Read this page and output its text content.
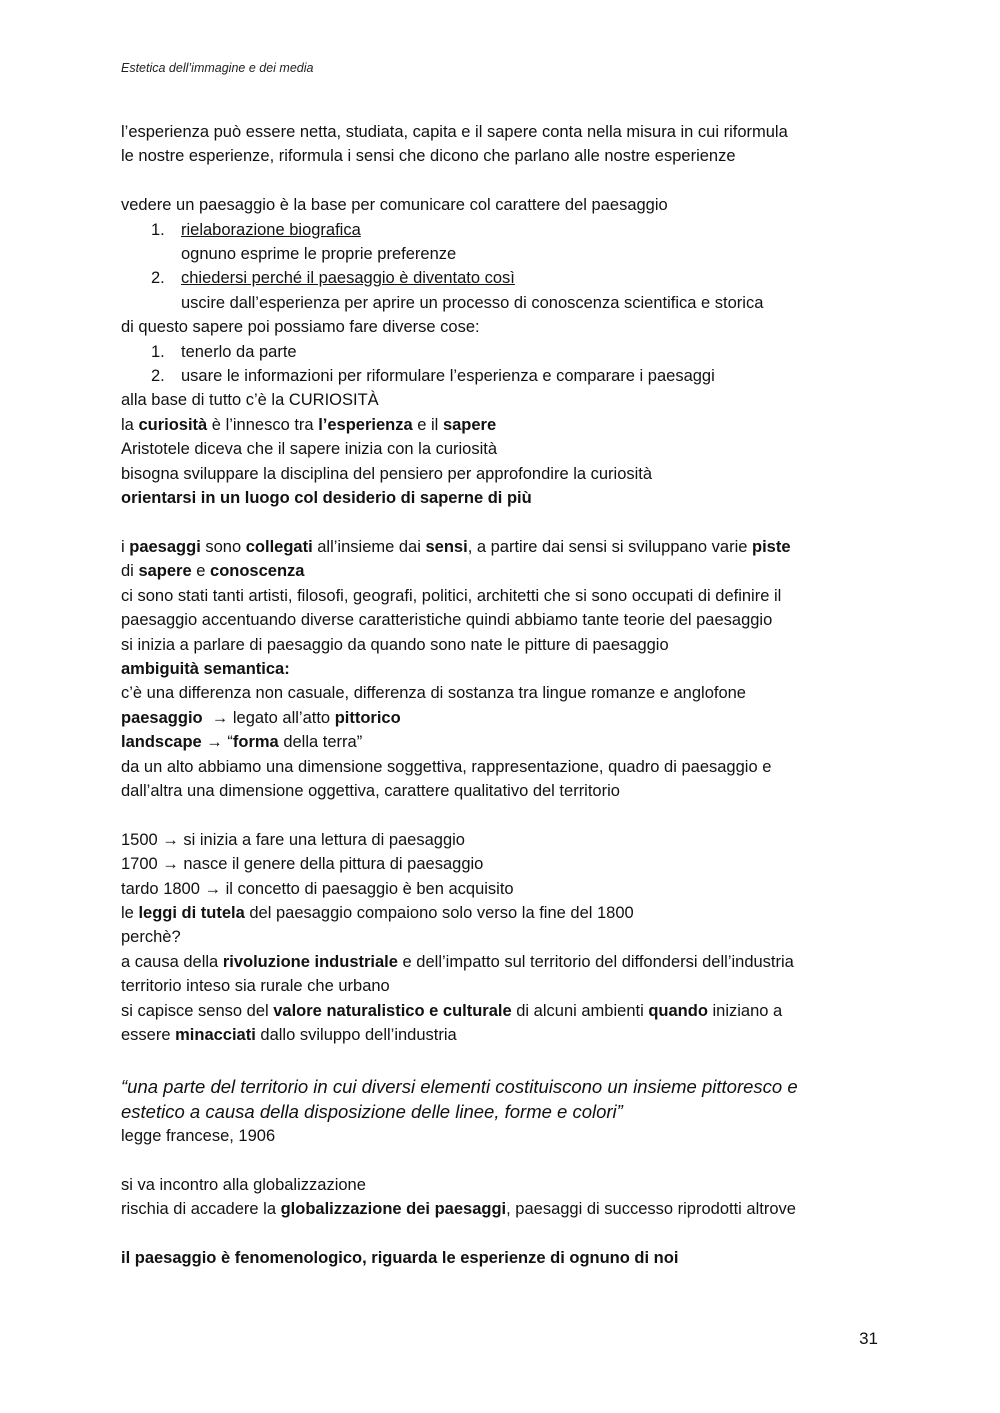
Estetica dell’immagine e dei media
l’esperienza può essere netta, studiata, capita e il sapere conta nella misura in cui riformula
le nostre esperienze, riformula i sensi che dicono che parlano alle nostre esperienze
vedere un paesaggio è la base per comunicare col carattere del paesaggio
1. rielaborazione biografica
ognuno esprime le proprie preferenze
2. chiedersi perché il paesaggio è diventato così
uscire dall’esperienza per aprire un processo di conoscenza scientifica e storica
di questo sapere poi possiamo fare diverse cose:
1. tenerlo da parte
2. usare le informazioni per riformulare l’esperienza e comparare i paesaggi
alla base di tutto c’è la CURIOSITÀ
la curiosità è l’innesco tra l’esperienza e il sapere
Aristotele diceva che il sapere inizia con la curiosità
bisogna sviluppare la disciplina del pensiero per approfondire la curiosità
orientarsi in un luogo col desiderio di saperne di più
i paesaggi sono collegati all’insieme dai sensi, a partire dai sensi si sviluppano varie piste
di sapere e conoscenza
ci sono stati tanti artisti, filosofi, geografi, politici, architetti che si sono occupati di definire il
paesaggio accentuando diverse caratteristiche quindi abbiamo tante teorie del paesaggio
si inizia a parlare di paesaggio da quando sono nate le pitture di paesaggio
ambiguità semantica:
c’è una differenza non casuale, differenza di sostanza tra lingue romanze e anglofone
paesaggio  → legato all’atto pittorico
landscape → “forma della terra”
da un alto abbiamo una dimensione soggettiva, rappresentazione, quadro di paesaggio e
dall’altra una dimensione oggettiva, carattere qualitativo del territorio
1500 → si inizia a fare una lettura di paesaggio
1700 → nasce il genere della pittura di paesaggio
tardo 1800 → il concetto di paesaggio è ben acquisito
le leggi di tutela del paesaggio compaiono solo verso la fine del 1800
perchè?
a causa della rivoluzione industriale e dell’impatto sul territorio del diffondersi dell’industria
territorio inteso sia rurale che urbano
si capisce senso del valore naturalistico e culturale di alcuni ambienti quando iniziano a
essere minacciati dallo sviluppo dell’industria
“una parte del territorio in cui diversi elementi costituiscono un insieme pittoresco e
estetico a causa della disposizione delle linee, forme e colori”
legge francese, 1906
si va incontro alla globalizzazione
rischia di accadere la globalizzazione dei paesaggi, paesaggi di successo riprodotti altrove
il paesaggio è fenomenologico, riguarda le esperienze di ognuno di noi
31
